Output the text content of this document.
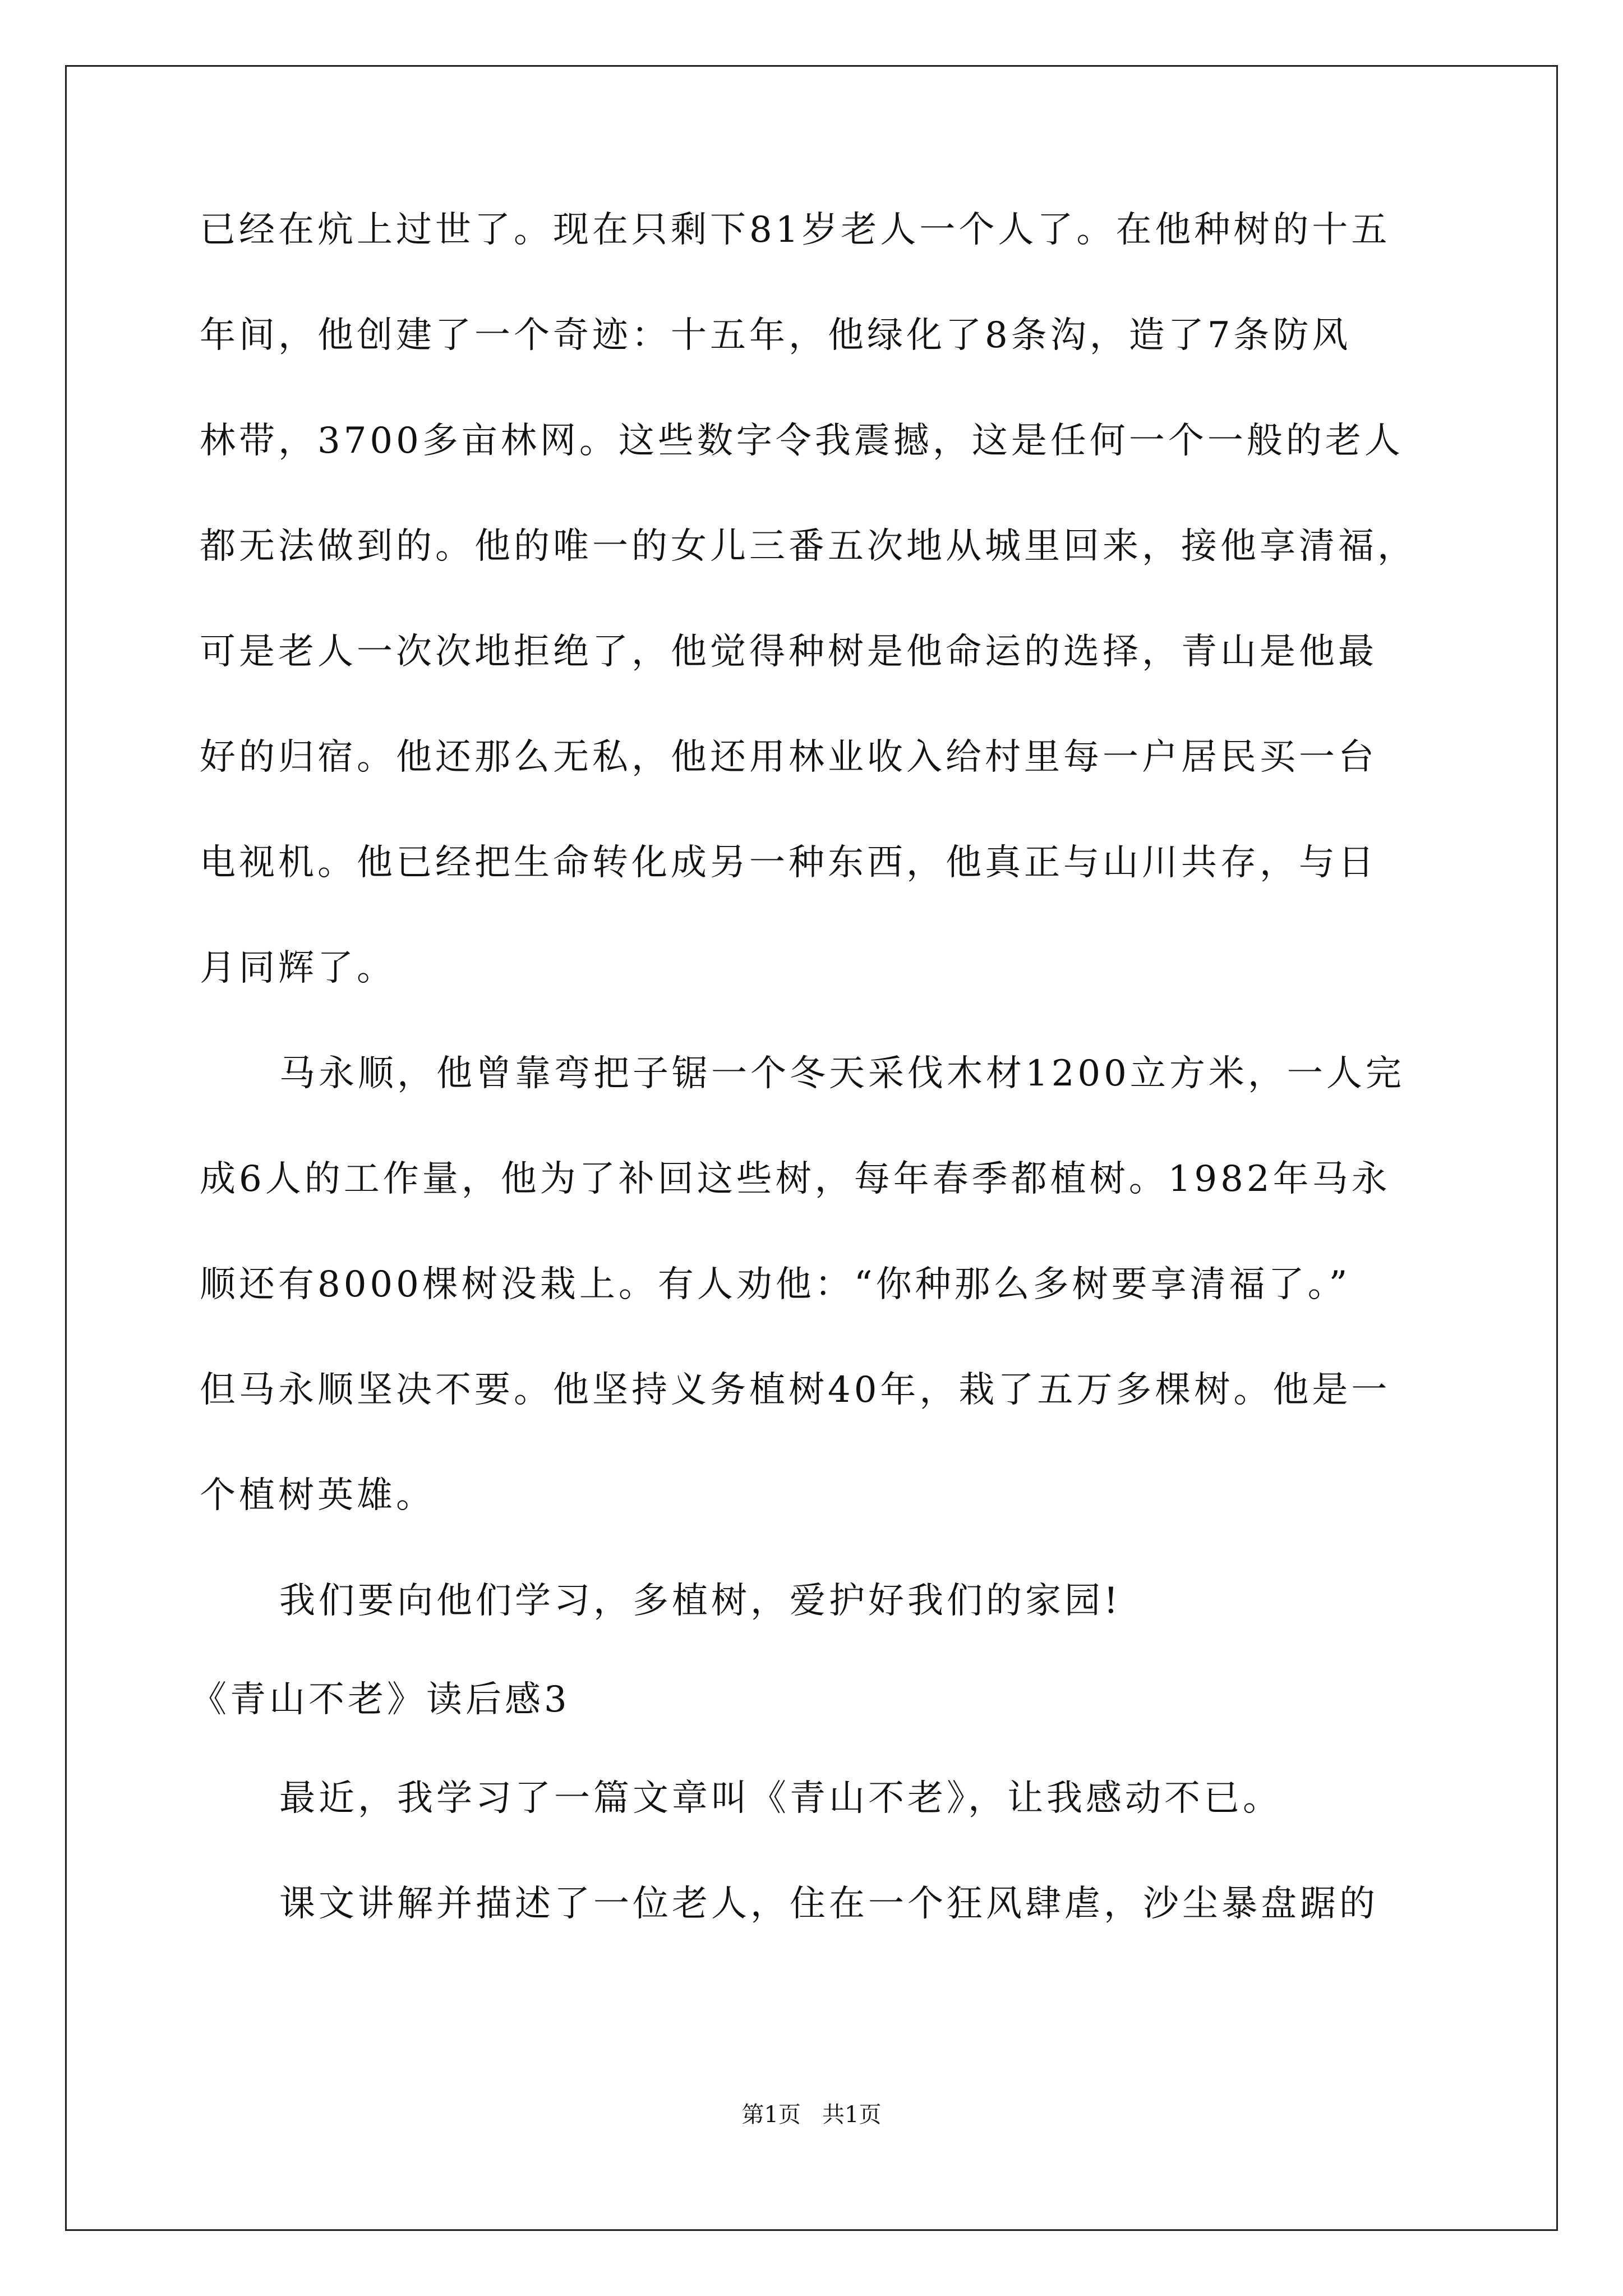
已经在炕上过世了。现在只剩下81岁老人一个人了。在他种树的十五
年间，他创建了一个奇迹：十五年，他绿化了8条沟，造了7条防风
林带，3700多亩林网。这些数字令我震撼，这是任何一个一般的老人
都无法做到的。他的唯一的女儿三番五次地从城里回来，接他享清福，
可是老人一次次地拒绝了，他觉得种树是他命运的选择，青山是他最
好的归宿。他还那么无私，他还用林业收入给村里每一户居民买一台
电视机。他已经把生命转化成另一种东西，他真正与山川共存，与日
月同辉了。
马永顺，他曾靠弯把子锯一个冬天采伐木材1200立方米，一人完
成6人的工作量，他为了补回这些树，每年春季都植树。1982年马永
顺还有8000棵树没栽上。有人劝他：“你种那么多树要享清福了。”
但马永顺坚决不要。他坚持义务植树40年，栽了五万多棵树。他是一
个植树英雄。
我们要向他们学习，多植树，爱护好我们的家园!
《青山不老》读后感3
最近，我学习了一篇文章叫《青山不老》，让我感动不已。
课文讲解并描述了一位老人，住在一个狂风肆虐，沙尘暴盘踞的
第1页   共1页
